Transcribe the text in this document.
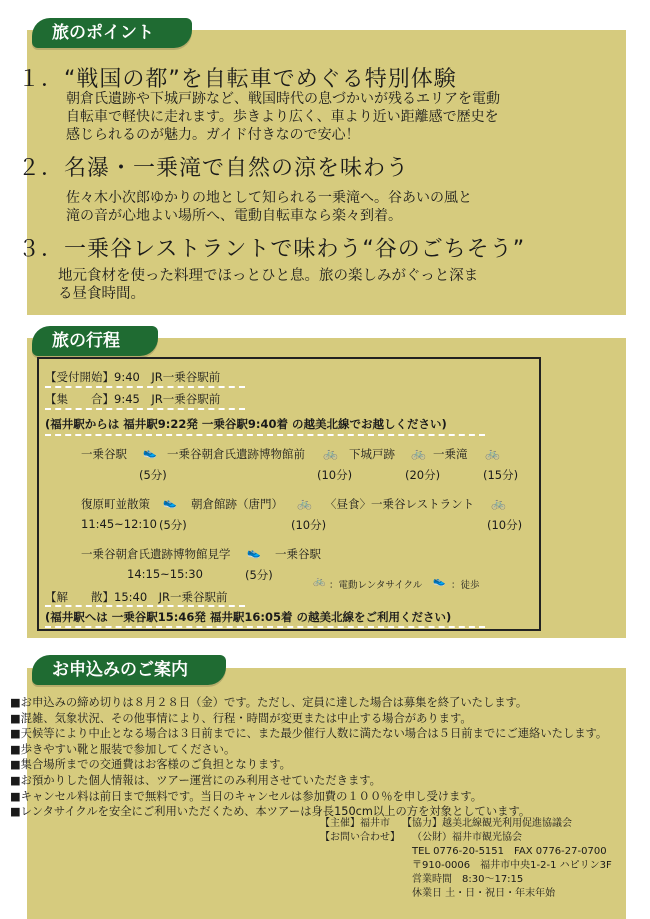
旅のポイント
１．“戦国の都”を自転車でめぐる特別体験
朝倉氏遺跡や下城戸跡など、戦国時代の息づかいが残るエリアを電動
自転車で軽快に走れます。歩きより広く、車より近い距離感で歴史を
感じられるのが魅力。ガイド付きなので安心！
２．名瀑・一乗滝で自然の涼を味わう
佐々木小次郎ゆかりの地として知られる一乗滝へ。谷あいの風と
滝の音が心地よい場所へ、電動自転車なら楽々到着。
３．一乗谷レストラントで味わう“谷のごちそう”
地元食材を使った料理でほっとひと息。旅の楽しみがぐっと深ま
る昼食時間。
旅の行程
【受付開始】9:40　JR一乗谷駅前
【集　　合】9:45　JR一乗谷駅前
(福井駅からは 福井駅9:22発 一乗谷駅9:40着 の越美北線でお越しください)
一乗谷駅 👟 一乗谷朝倉氏遺跡博物館前 🚲 下城戸跡 🚲 一乗滝 🚲
(5分)	(10分)	(20分)	(15分)
復原町並散策 👟 朝倉館跡（唐門） 🚲 〈昼食〉一乗谷レストラント 🚲
11:45~12:10 (5分)	(10分)	(10分)
一乗谷朝倉氏遺跡博物館見学 👟 一乗谷駅
14:15~15:30	(5分)	🚲 ：電動レンタサイクル 👟 ：徒歩
【解　　散】15:40　JR一乗谷駅前
(福井駅へは 一乗谷駅15:46発 福井駅16:05着 の越美北線をご利用ください)
お申込みのご案内
■お申込みの締め切りは８月２８日（金）です。ただし、定員に達した場合は募集を終了いたします。
■混雑、気象状況、その他事情により、行程・時間が変更または中止する場合があります。
■天候等により中止となる場合は３日前までに、また最少催行人数に満たない場合は５日前までにご連絡いたします。
■歩きやすい靴と服装で参加してください。
■集合場所までの交通費はお客様のご負担となります。
■お預かりした個人情報は、ツアー運営にのみ利用させていただきます。
■キャンセル料は前日まで無料です。当日のキャンセルは参加費の１００％を申し受けます。
■レンタサイクルを安全にご利用いただくため、本ツアーは身長150cm以上の方を対象としています。
【主催】福井市 【協力】越美北線観光利用促進協議会
【お問い合わせ】 （公財）福井市観光協会
TEL 0776-20-5151　FAX 0776-27-0700
〒910-0006　福井市中央1-2-1 ハピリン3F
営業時間　8:30～17:15
休業日 土・日・祝日・年末年始
